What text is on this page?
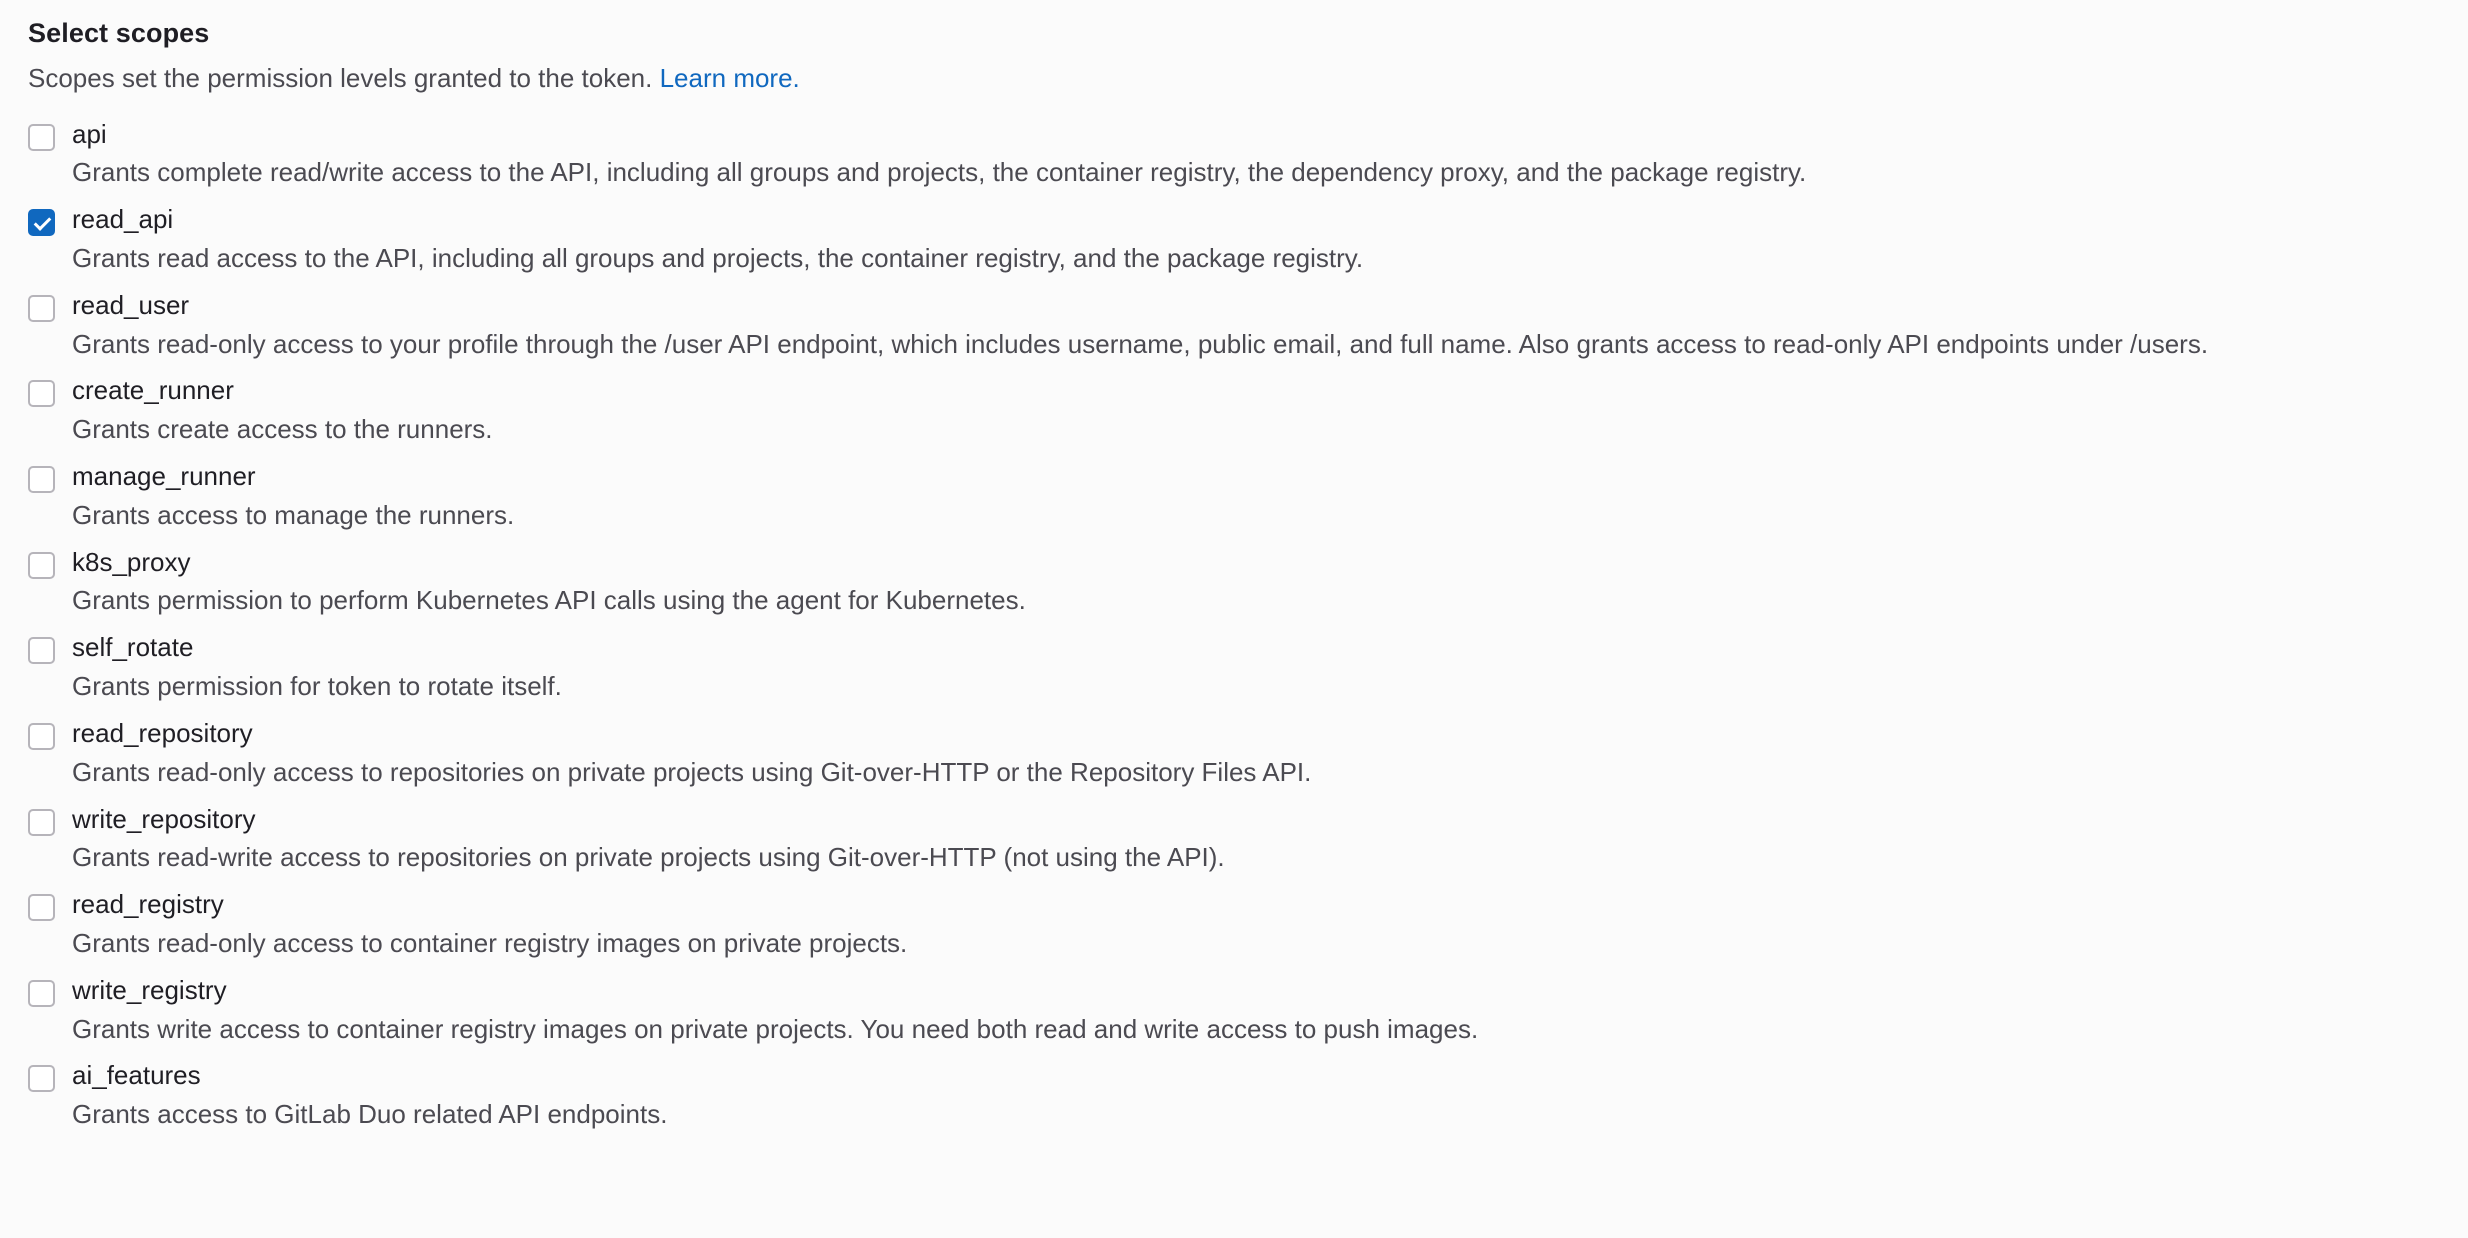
Select scopes
Scopes set the permission levels granted to the token. Learn more.
api
Grants complete read/write access to the API, including all groups and projects, the container registry, the dependency proxy, and the package registry.
read_api
Grants read access to the API, including all groups and projects, the container registry, and the package registry.
read_user
Grants read-only access to your profile through the /user API endpoint, which includes username, public email, and full name. Also grants access to read-only API endpoints under /users.
create_runner
Grants create access to the runners.
manage_runner
Grants access to manage the runners.
k8s_proxy
Grants permission to perform Kubernetes API calls using the agent for Kubernetes.
self_rotate
Grants permission for token to rotate itself.
read_repository
Grants read-only access to repositories on private projects using Git-over-HTTP or the Repository Files API.
write_repository
Grants read-write access to repositories on private projects using Git-over-HTTP (not using the API).
read_registry
Grants read-only access to container registry images on private projects.
write_registry
Grants write access to container registry images on private projects. You need both read and write access to push images.
ai_features
Grants access to GitLab Duo related API endpoints.
